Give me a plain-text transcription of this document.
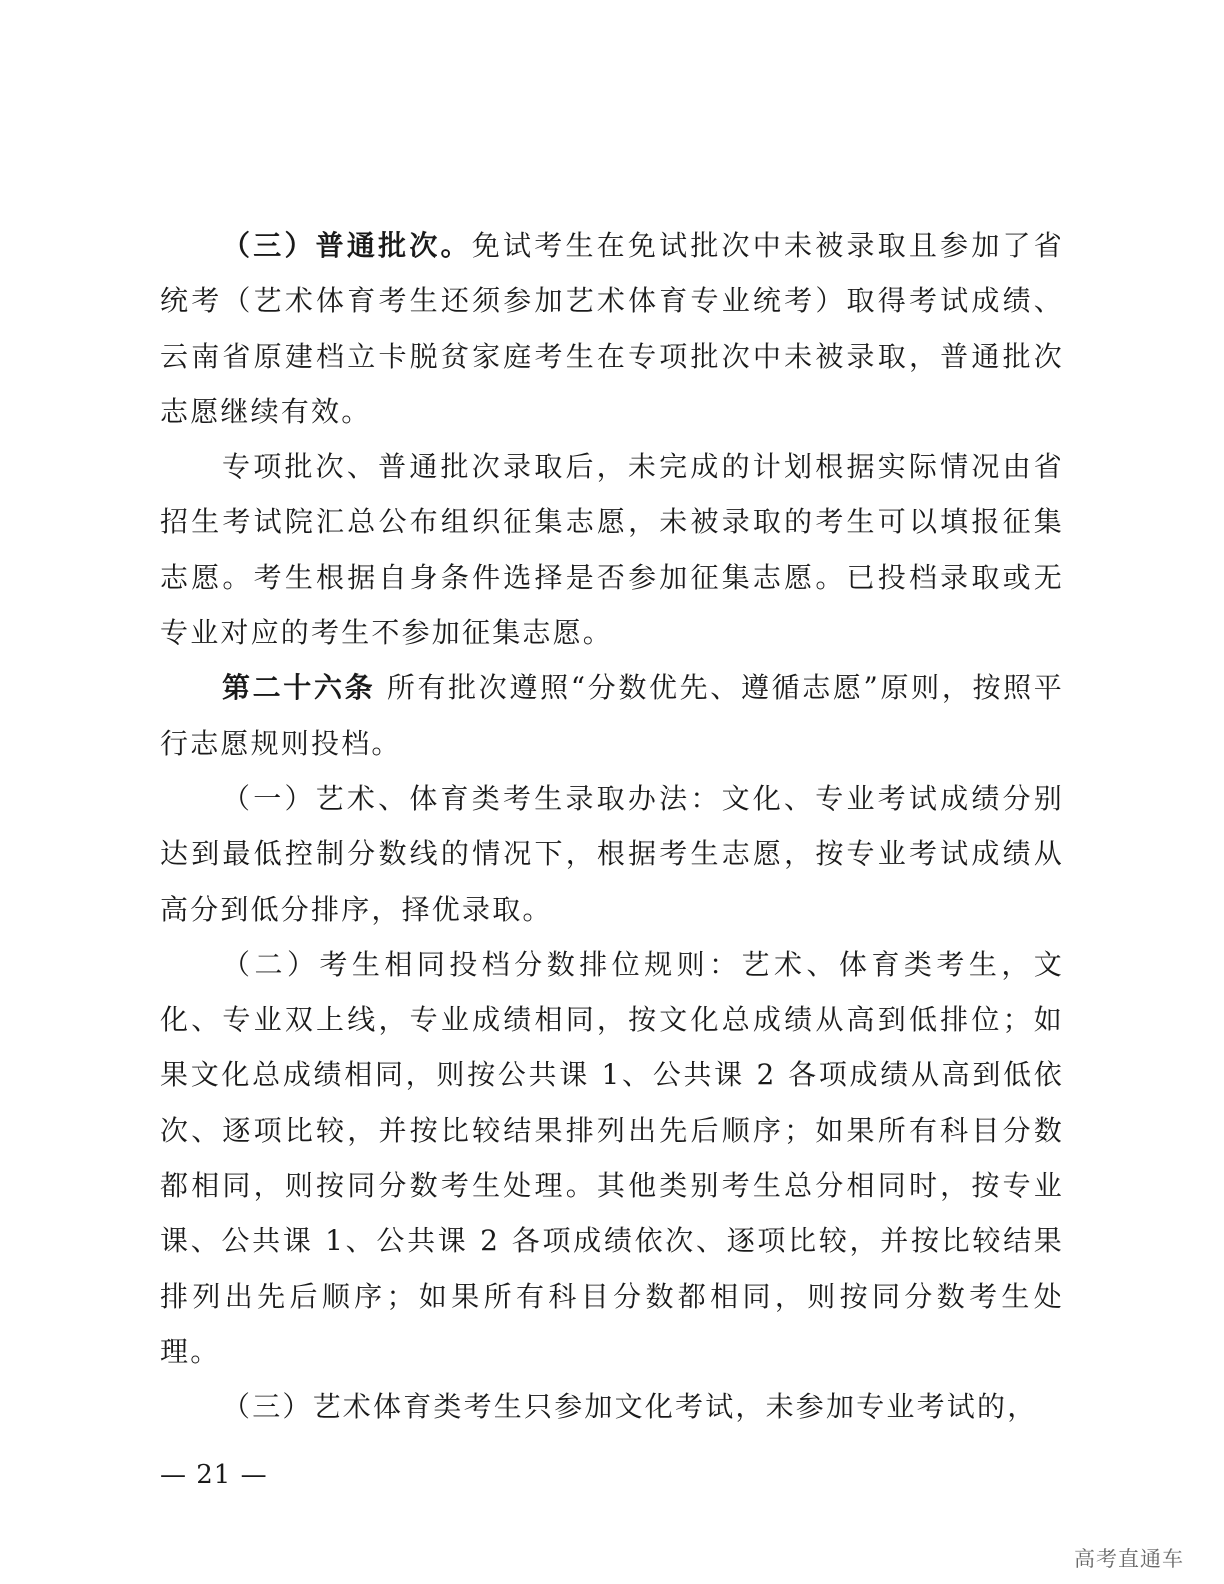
（三）普通批次。免试考生在免试批次中未被录取且参加了省统考（艺术体育考生还须参加艺术体育专业统考）取得考试成绩、云南省原建档立卡脱贫家庭考生在专项批次中未被录取，普通批次志愿继续有效。

专项批次、普通批次录取后，未完成的计划根据实际情况由省招生考试院汇总公布组织征集志愿，未被录取的考生可以填报征集志愿。考生根据自身条件选择是否参加征集志愿。已投档录取或无专业对应的考生不参加征集志愿。

第二十六条 所有批次遵照“分数优先、遵循志愿”原则，按照平行志愿规则投档。

（一）艺术、体育类考生录取办法：文化、专业考试成绩分别达到最低控制分数线的情况下，根据考生志愿，按专业考试成绩从高分到低分排序，择优录取。

（二）考生相同投档分数排位规则：艺术、体育类考生，文化、专业双上线，专业成绩相同，按文化总成绩从高到低排位；如果文化总成绩相同，则按公共课 1、公共课 2 各项成绩从高到低依次、逐项比较，并按比较结果排列出先后顺序；如果所有科目分数都相同，则按同分数考生处理。其他类别考生总分相同时，按专业课、公共课 1、公共课 2 各项成绩依次、逐项比较，并按比较结果排列出先后顺序；如果所有科目分数都相同，则按同分数考生处理。

（三）艺术体育类考生只参加文化考试，未参加专业考试的，

— 21 —
高考直通车
